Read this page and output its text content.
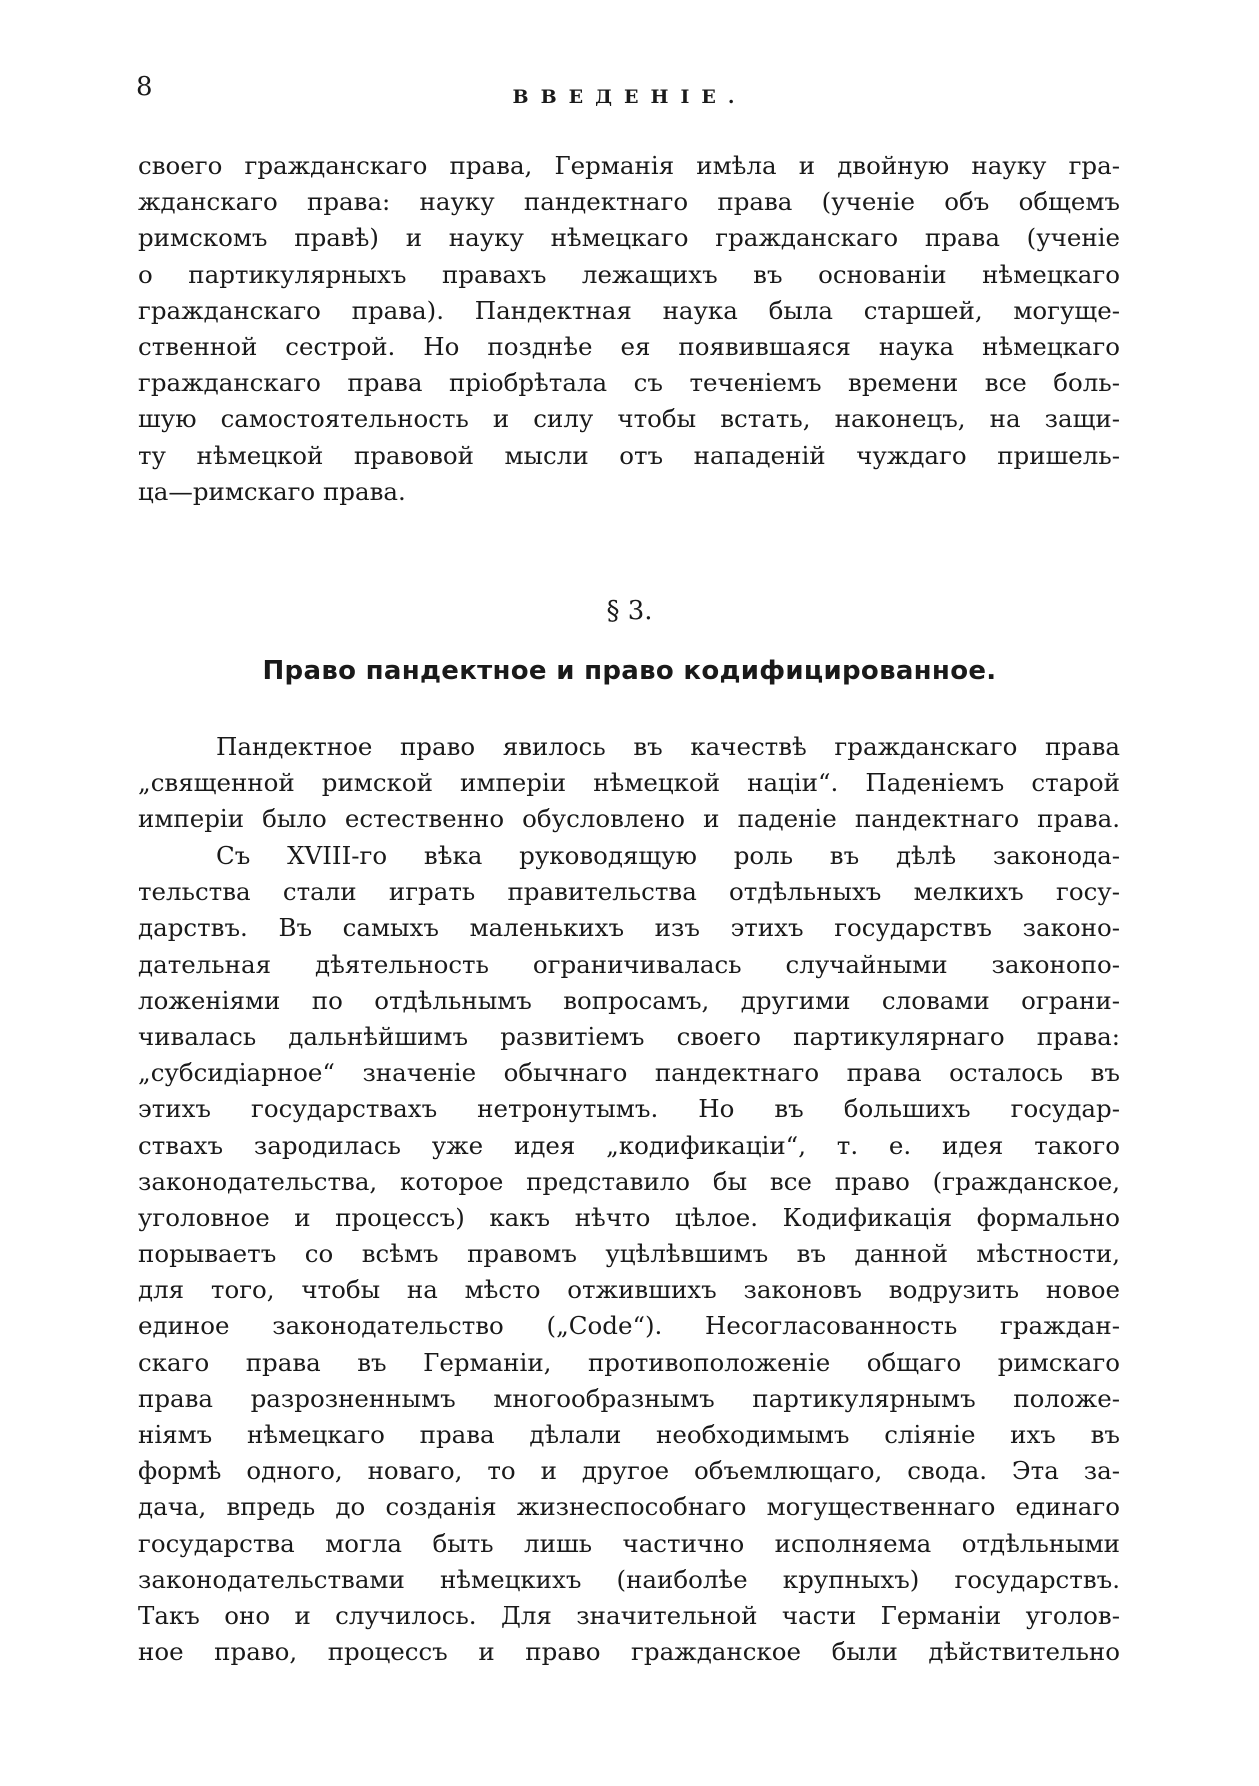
8	ВВЕДЕНІЕ.
своего гражданскаго права, Германія имѣла и двойную науку гра-
жданскаго права: науку пандектнаго права (ученіе объ общемъ
римскомъ правѣ) и науку нѣмецкаго гражданскаго права (ученіе
о партикулярныхъ правахъ лежащихъ въ основаніи нѣмецкаго
гражданскаго права). Пандектная наука была старшей, могуще-
ственной сестрой. Но позднѣе ея появившаяся наука нѣмецкаго
гражданскаго права пріобрѣтала съ теченіемъ времени все боль-
шую самостоятельность и силу чтобы встать, наконецъ, на защи-
ту нѣмецкой правовой мысли отъ нападеній чуждаго пришель-
ца—римскаго права.
§ 3.
Право пандектное и право кодифицированное.
Пандектное право явилось въ качествѣ гражданскаго права
„священной римской имперіи нѣмецкой націи“. Паденіемъ старой
имперіи было естественно обусловлено и паденіе пандектнаго права.
Съ XVIII-го вѣка руководящую роль въ дѣлѣ законода-
тельства стали играть правительства отдѣльныхъ мелкихъ госу-
дарствъ. Въ самыхъ маленькихъ изъ этихъ государствъ законо-
дательная дѣятельность ограничивалась случайными законопо-
ложеніями по отдѣльнымъ вопросамъ, другими словами ограни-
чивалась дальнѣйшимъ развитіемъ своего партикулярнаго права:
„субсидіарное“ значеніе обычнаго пандектнаго права осталось въ
этихъ государствахъ нетронутымъ. Но въ большихъ государ-
ствахъ зародилась уже идея „кодификаціи“, т. е. идея такого
законодательства, которое представило бы все право (гражданское,
уголовное и процессъ) какъ нѣчто цѣлое. Кодификація формально
порываетъ со всѣмъ правомъ уцѣлѣвшимъ въ данной мѣстности,
для того, чтобы на мѣсто отжившихъ законовъ водрузить новое
единое законодательство („Code“). Несогласованность граждан-
скаго права въ Германіи, противоположеніе общаго римскаго
права разрозненнымъ многообразнымъ партикулярнымъ положе-
ніямъ нѣмецкаго права дѣлали необходимымъ сліяніе ихъ въ
формѣ одного, новаго, то и другое объемлющаго, свода. Эта за-
дача, впредь до созданія жизнеспособнаго могущественнаго единаго
государства могла быть лишь частично исполняема отдѣльными
законодательствами нѣмецкихъ (наиболѣе крупныхъ) государствъ.
Такъ оно и случилось. Для значительной части Германіи уголов-
ное право, процессъ и право гражданское были дѣйствительно
